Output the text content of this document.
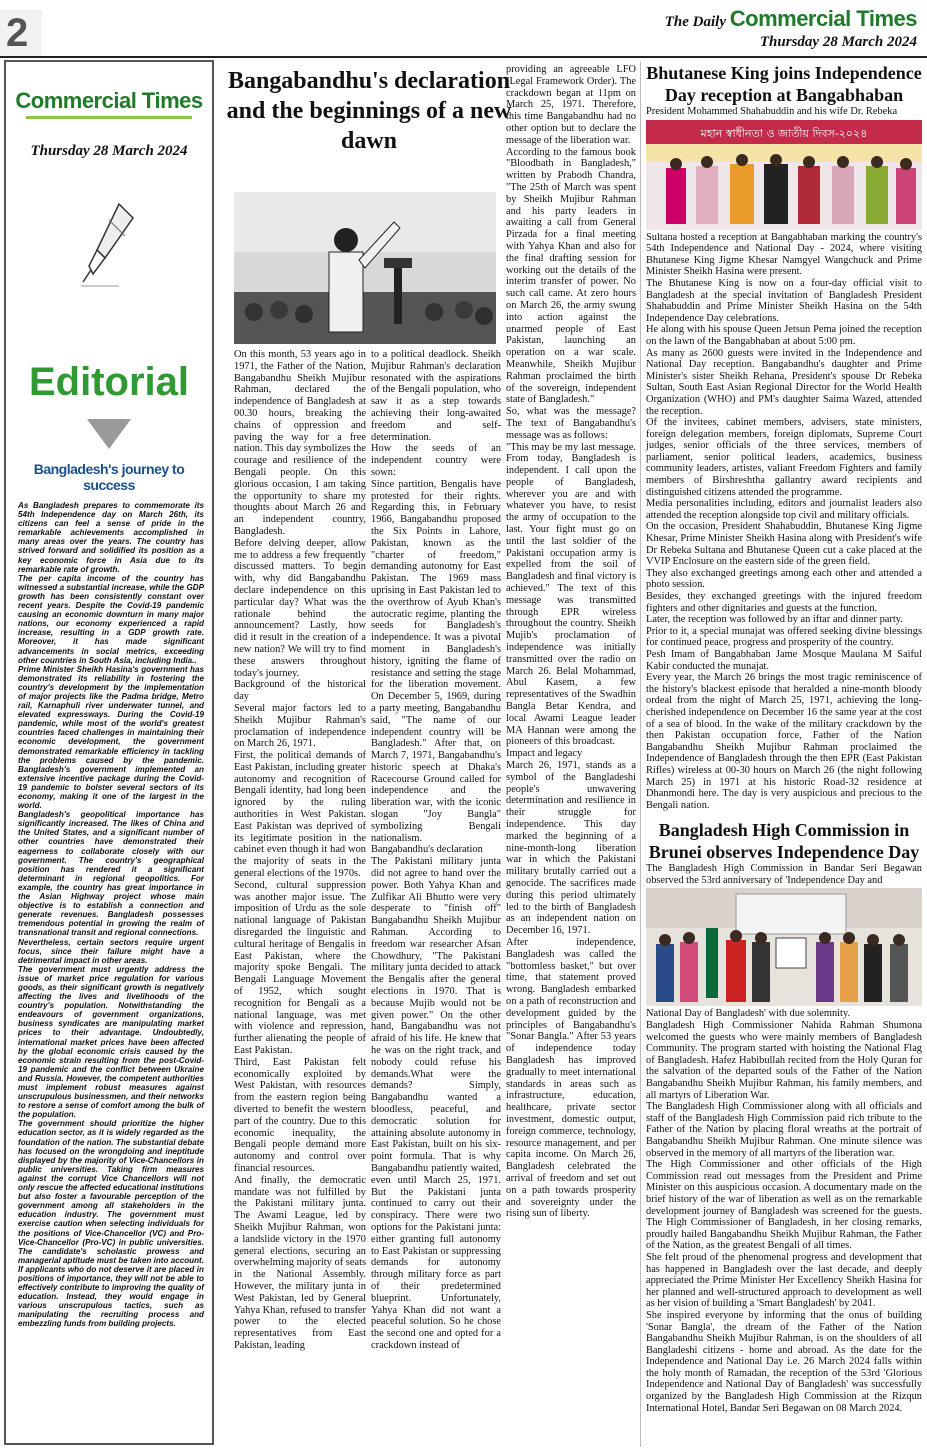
2	The Daily Commercial Times
Thursday 28 March 2024
Commercial Times
Thursday 28 March 2024
Editorial
Bangladesh's journey to success

As Bangladesh prepares to commemorate its 54th Independence day on March 26th, its citizens can feel a sense of pride in the remarkable achievements accomplished in many areas over the years. The country has strived forward and solidified its position as a key economic force in Asia due to its remarkable rate of growth.

The per capita income of the country has witnessed a substantial increase, while the GDP growth has been consistently constant over recent years. Despite the Covid-19 pandemic causing an economic downturn in many major nations, our economy experienced a rapid increase, resulting in a GDP growth rate. Moreover, it has made significant advancements in social metrics, exceeding other countries in South Asia, including India..

Prime Minister Sheikh Hasina's government has demonstrated its reliability in fostering the country's development by the implementation of major projects like the Padma bridge, Metro rail, Karnaphuli river underwater tunnel, and elevated expressways. During the Covid-19 pandemic, while most of the world's greatest countries faced challenges in maintaining their economic development, the government demonstrated remarkable efficiency in tackling the problems caused by the pandemic. Bangladesh's government implemented an extensive incentive package during the Covid-19 pandemic to bolster several sectors of its economy, making it one of the largest in the world.

Bangladesh's geopolitical importance has significantly increased. The likes of China and the United States, and a significant number of other countries have demonstrated their eagerness to collaborate closely with our government. The country's geographical position has rendered it a significant determinant in regional geopolitics. For example, the country has great importance in the Asian Highway project whose main objective is to establish a connection and generate revenues. Bangladesh possesses tremendous potential in growing the realm of transnational transit and regional connections.

Nevertheless, certain sectors require urgent focus, since their failure might have a detrimental impact in other areas.

The government must urgently address the issue of market price regulation for various goods, as their significant growth is negatively affecting the lives and livelihoods of the country's population. Notwithstanding the endeavours of government organizations, business syndicates are manipulating market prices to their advantage. Undoubtedly, international market prices have been affected by the global economic crisis caused by the economic strain resulting from the post-Covid-19 pandemic and the conflict between Ukraine and Russia. However, the competent authorities must implement robust measures against unscrupulous businessmen, and their networks to restore a sense of comfort among the bulk of the population.

The government should prioritize the higher education sector, as it is widely regarded as the foundation of the nation. The substantial debate has focused on the wrongdoing and ineptitude displayed by the majority of Vice-Chancellors in public universities. Taking firm measures against the corrupt Vice Chancellors will not only rescue the affected educational institutions but also foster a favourable perception of the government among all stakeholders in the education industry. The government must exercise caution when selecting individuals for the positions of Vice-Chancellor (VC) and Pro-Vice-Chancellor (Pro-VC) in public universities. The candidate's scholastic prowess and managerial aptitude must be taken into account. If applicants who do not deserve it are placed in positions of importance, they will not be able to effectively contribute to improving the quality of education. Instead, they would engage in various unscrupulous tactics, such as manipulating the recruiting process and embezzling funds from building projects.

Bangabandhu's declaration and the beginnings of a new dawn

On this month, 53 years ago in 1971, the Father of the Nation, Bangabandhu Sheikh Mujibur Rahman, declared the independence of Bangladesh at 00.30 hours, breaking the chains of oppression and paving the way for a free nation. This day symbolizes the courage and resilience of the Bengali people. On this glorious occasion, I am taking the opportunity to share my thoughts about March 26 and an independent country, Bangladesh.

Before delving deeper, allow me to address a few frequently discussed matters. To begin with, why did Bangabandhu declare independence on this particular day? What was the rationale behind the announcement? Lastly, how did it result in the creation of a new nation? We will try to find these answers throughout today's journey.

Background of the historical day

Several major factors led to Sheikh Mujibur Rahman's proclamation of independence on March 26, 1971.

First, the political demands of East Pakistan, including greater autonomy and recognition of Bengali identity, had long been ignored by the ruling authorities in West Pakistan. East Pakistan was deprived of its legitimate position in the cabinet even though it had won the majority of seats in the general elections of the 1970s.

Second, cultural suppression was another major issue. The imposition of Urdu as the sole national language of Pakistan disregarded the linguistic and cultural heritage of Bengalis in East Pakistan, where the majority spoke Bengali. The Bengali Language Movement of 1952, which sought recognition for Bengali as a national language, was met with violence and repression, further alienating the people of East Pakistan.

Third, East Pakistan felt economically exploited by West Pakistan, with resources from the eastern region being diverted to benefit the western part of the country. Due to this economic inequality, the Bengali people demand more autonomy and control over financial resources.

And finally, the democratic mandate was not fulfilled by the Pakistani military junta. The Awami League, led by Sheikh Mujibur Rahman, won a landslide victory in the 1970 general elections, securing an overwhelming majority of seats in the National Assembly. However, the military junta in West Pakistan, led by General Yahya Khan, refused to transfer power to the elected representatives from East Pakistan, leading

to a political deadlock. Sheikh Mujibur Rahman's declaration resonated with the aspirations of the Bengali population, who saw it as a step towards achieving their long-awaited freedom and self-determination.

How the seeds of an independent country were sown:

Since partition, Bengalis have protested for their rights. Regarding this, in February 1966, Bangabandhu proposed the Six Points in Lahore, Pakistan, known as the "charter of freedom," demanding autonomy for East Pakistan. The 1969 mass uprising in East Pakistan led to the overthrow of Ayub Khan's autocratic regime, planting the seeds for Bangladesh's independence. It was a pivotal moment in Bangladesh's history, igniting the flame of resistance and setting the stage for the liberation movement. On December 5, 1969, during a party meeting, Bangabandhu said, "The name of our independent country will be Bangladesh." After that, on March 7, 1971, Bangabandhu's historic speech at Dhaka's Racecourse Ground called for independence and the liberation war, with the iconic slogan "Joy Bangla" symbolizing Bengali nationalism.

Bangabandhu's declaration

The Pakistani military junta did not agree to hand over the power. Both Yahya Khan and Zulfikar Ali Bhutto were very desperate to "finish off" Bangabandhu Sheikh Mujibur Rahman. According to freedom war researcher Afsan Chowdhury, "The Pakistani military junta decided to attack the Bengalis after the general elections in 1970. That is because Mujib would not be given power." On the other hand, Bangabandhu was not afraid of his life. He knew that he was on the right track, and nobody could refuse his demands.What were the demands? Simply, Bangabandhu wanted a bloodless, peaceful, and democratic solution for attaining absolute autonomy in East Pakistan, built on his six-point formula. That is why Bangabandhu patiently waited, even until March 25, 1971. But the Pakistani junta continued to carry out their conspiracy. There were two options for the Pakistani junta: either granting full autonomy to East Pakistan or suppressing demands for autonomy through military force as part of their predetermined blueprint. Unfortunately, Yahya Khan did not want a peaceful solution. So he chose the second one and opted for a crackdown instead of

providing an agreeable LFO (Legal Framework Order). The crackdown began at 11pm on March 25, 1971. Therefore, this time Bangabandhu had no other option but to declare the message of the liberation war.

According to the famous book "Bloodbath in Bangladesh," written by Prabodh Chandra, "The 25th of March was spent by Sheikh Mujibur Rahman and his party leaders in awaiting a call from General Pirzada for a final meeting with Yahya Khan and also for the final drafting session for working out the details of the interim transfer of power. No such call came. At zero hours on March 26, the army swung into action against the unarmed people of East Pakistan, launching an operation on a war scale. Meanwhile, Sheikh Mujibur Rahman proclaimed the birth of the sovereign, independent state of Bangladesh."

So, what was the message? The text of Bangabandhu's message was as follows:

"This may be my last message. From today, Bangladesh is independent. I call upon the people of Bangladesh, wherever you are and with whatever you have, to resist the army of occupation to the last. Your fight must go on until the last soldier of the Pakistani occupation army is expelled from the soil of Bangladesh and final victory is achieved." The text of this message was transmitted through EPR wireless throughout the country. Sheikh Mujib's proclamation of independence was initially transmitted over the radio on March 26. Belal Mohammad, Abul Kasem, a few representatives of the Swadhin Bangla Betar Kendra, and local Awami League leader MA Hannan were among the pioneers of this broadcast.

Impact and legacy

March 26, 1971, stands as a symbol of the Bangladeshi people's unwavering determination and resilience in their struggle for independence. This day marked the beginning of a nine-month-long liberation war in which the Pakistani military brutally carried out a genocide. The sacrifices made during this period ultimately led to the birth of Bangladesh as an independent nation on December 16, 1971.

After independence, Bangladesh was called the "bottomless basket," but over time, that statement proved wrong. Bangladesh embarked on a path of reconstruction and development guided by the principles of Bangabandhu's "Sonar Bangla." After 53 years of independence today Bangladesh has improved gradually to meet international standards in areas such as infrastructure, education, healthcare, private sector investment, domestic output, foreign commerce, technology, resource management, and per capita income. On March 26, Bangladesh celebrated the arrival of freedom and set out on a path towards prosperity and sovereignty under the rising sun of liberty.

Bhutanese King joins Independence Day reception at Bangabhaban
President Mohammed Shahabuddin and his wife Dr. Rebeka
মহান স্বাধীনতা ও জাতীয় দিবস-২০২৪

Sultana hosted a reception at Bangabhaban marking the country's 54th Independence and National Day - 2024, where visiting Bhutanese King Jigme Khesar Namgyel Wangchuck and Prime Minister Sheikh Hasina were present.

The Bhutanese King is now on a four-day official visit to Bangladesh at the special invitation of Bangladesh President Shahabuddin and Prime Minister Sheikh Hasina on the 54th Independence Day celebrations.

He along with his spouse Queen Jetsun Pema joined the reception on the lawn of the Bangabhaban at about 5:00 pm.

As many as 2600 guests were invited in the Independence and National Day reception. Bangabandhu's daughter and Prime Minister's sister Sheikh Rehana, President's spouse Dr Rebeka Sultan, South East Asian Regional Director for the World Health Organization (WHO) and PM's daughter Saima Wazed, attended the reception.

Of the invitees, cabinet members, advisers, state ministers, foreign delegation members, foreign diplomats, Supreme Court judges, senior officials of the three services, members of parliament, senior political leaders, academics, business community leaders, artistes, valiant Freedom Fighters and family members of Birshreshtha gallantry award recipients and distinguished citizens attended the programme.

Media personalities including, editors and journalist leaders also attended the reception alongside top civil and military officials.

On the occasion, President Shahabuddin, Bhutanese King Jigme Khesar, Prime Minister Sheikh Hasina along with President's wife Dr Rebeka Sultana and Bhutanese Queen cut a cake placed at the VVIP Enclosure on the eastern side of the green field.

They also exchanged greetings among each other and attended a photo session.

Besides, they exchanged greetings with the injured freedom fighters and other dignitaries and guests at the function.

Later, the reception was followed by an iftar and dinner party.

Prior to it, a special munajat was offered seeking divine blessings for continued peace, progress and prosperity of the country.

Pesh Imam of Bangabhaban Jame Mosque Maulana M Saiful Kabir conducted the munajat.

Every year, the March 26 brings the most tragic reminiscence of the history's blackest episode that heralded a nine-month bloody ordeal from the night of March 25, 1971, achieving the long-cherished independence on December 16 the same year at the cost of a sea of blood. In the wake of the military crackdown by the then Pakistan occupation force, Father of the Nation Bangabandhu Sheikh Mujibur Rahman proclaimed the Independence of Bangladesh through the then EPR (East Pakistan Rifles) wireless at 00-30 hours on March 26 (the night following March 25) in 1971 at his historic Road-32 residence at Dhanmondi here. The day is very auspicious and precious to the Bengali nation.

Bangladesh High Commission in Brunei observes Independence Day
The Bangladesh High Commission in Bandar Seri Begawan observed the 53rd anniversary of 'Independence Day and

National Day of Bangladesh' with due solemnity.

Bangladesh High Commissioner Nahida Rahman Shumona welcomed the guests who were mainly members of Bangladesh Community. The program started with hoisting the National Flag of Bangladesh. Hafez Habibullah recited from the Holy Quran for the salvation of the departed souls of the Father of the Nation Bangabandhu Sheikh Mujibur Rahman, his family members, and all martyrs of Liberation War.

The Bangladesh High Commissioner along with all officials and staff of the Bangladesh High Commission paid rich tribute to the Father of the Nation by placing floral wreaths at the portrait of Bangabandhu Sheikh Mujibur Rahman. One minute silence was observed in the memory of all martyrs of the liberation war.

The High Commissioner and other officials of the High Commission read out messages from the President and Prime Minister on this auspicious occasion. A documentary made on the brief history of the war of liberation as well as on the remarkable development journey of Bangladesh was screened for the guests. The High Commissioner of Bangladesh, in her closing remarks, proudly hailed Bangabandhu Sheikh Mujibur Rahman, the Father of the Nation, as the greatest Bengali of all times.

She felt proud of the phenomenal progress and development that has happened in Bangladesh over the last decade, and deeply appreciated the Prime Minister Her Excellency Sheikh Hasina for her planned and well-structured approach to development as well as her vision of building a 'Smart Bangladesh' by 2041.

She inspired everyone by informing that the onus of building 'Sonar Bangla', the dream of the Father of the Nation Bangabandhu Sheikh Mujibur Rahman, is on the shoulders of all Bangladeshi citizens - home and abroad. As the date for the Independence and National Day i.e. 26 March 2024 falls within the holy month of Ramadan, the reception of the 53rd 'Glorious Independence and National Day of Bangladesh' was successfully organized by the Bangladesh High Commission at the Rizqun International Hotel, Bandar Seri Begawan on 08 March 2024.
